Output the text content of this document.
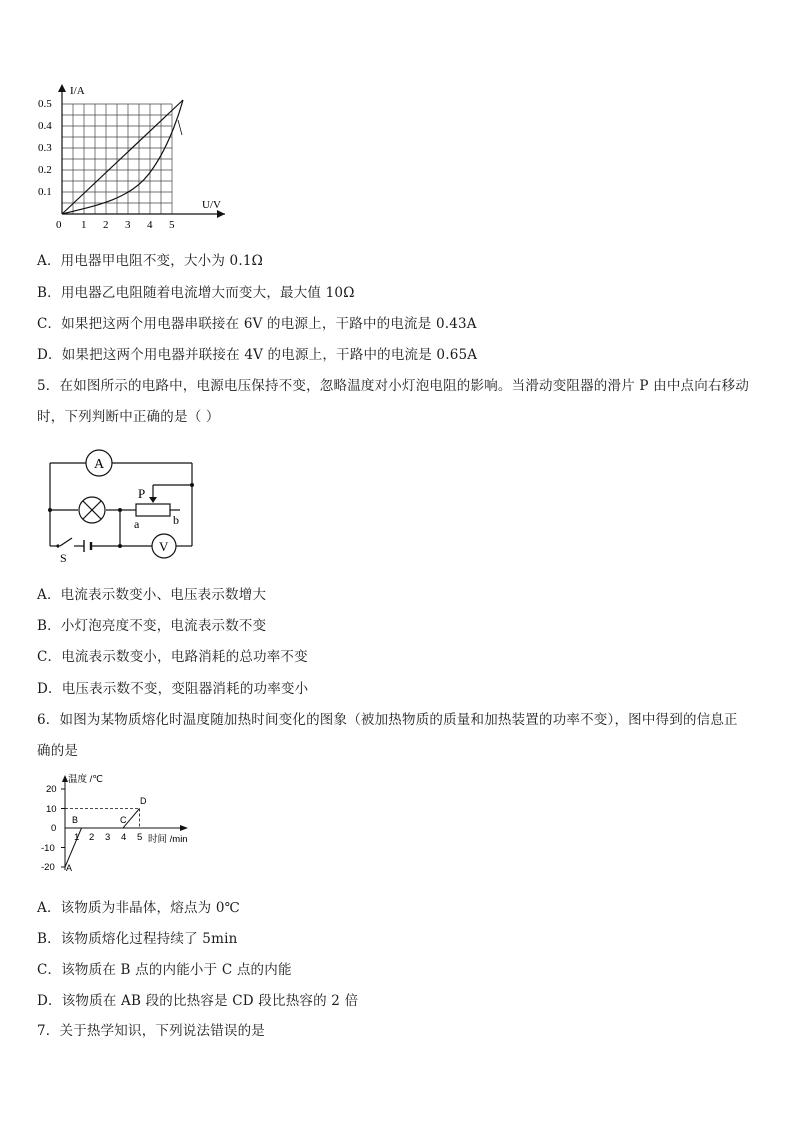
I/A
U/V
0.5
0.4
0.3
0.2
0.1
0 1 2 3 4 5
A．用电器甲电阻不变，大小为 0.1Ω
B．用电器乙电阻随着电流增大而变大，最大值 10Ω
C．如果把这两个用电器串联接在 6V 的电源上，干路中的电流是 0.43A
D．如果把这两个用电器并联接在 4V 的电源上，干路中的电流是 0.65A
5．在如图所示的电路中，电源电压保持不变，忽略温度对小灯泡电阻的影响。当滑动变阻器的滑片 P 由中点向右移动
时，下列判断中正确的是（ ）
A
V
P
a	b
S
A．电流表示数变小、电压表示数增大
B．小灯泡亮度不变，电流表示数不变
C．电流表示数变小，电路消耗的总功率不变
D．电压表示数不变，变阻器消耗的功率变小
6．如图为某物质熔化时温度随加热时间变化的图象（被加热物质的质量和加热装置的功率不变），图中得到的信息正
确的是
温度 /℃
时间 /min
20
10
0
-10
-20
1 2 3 4 5
A
B	C
D
A．该物质为非晶体，熔点为 0℃
B．该物质熔化过程持续了 5min
C．该物质在 B 点的内能小于 C 点的内能
D．该物质在 AB 段的比热容是 CD 段比热容的 2 倍
7．关于热学知识，下列说法错误的是
